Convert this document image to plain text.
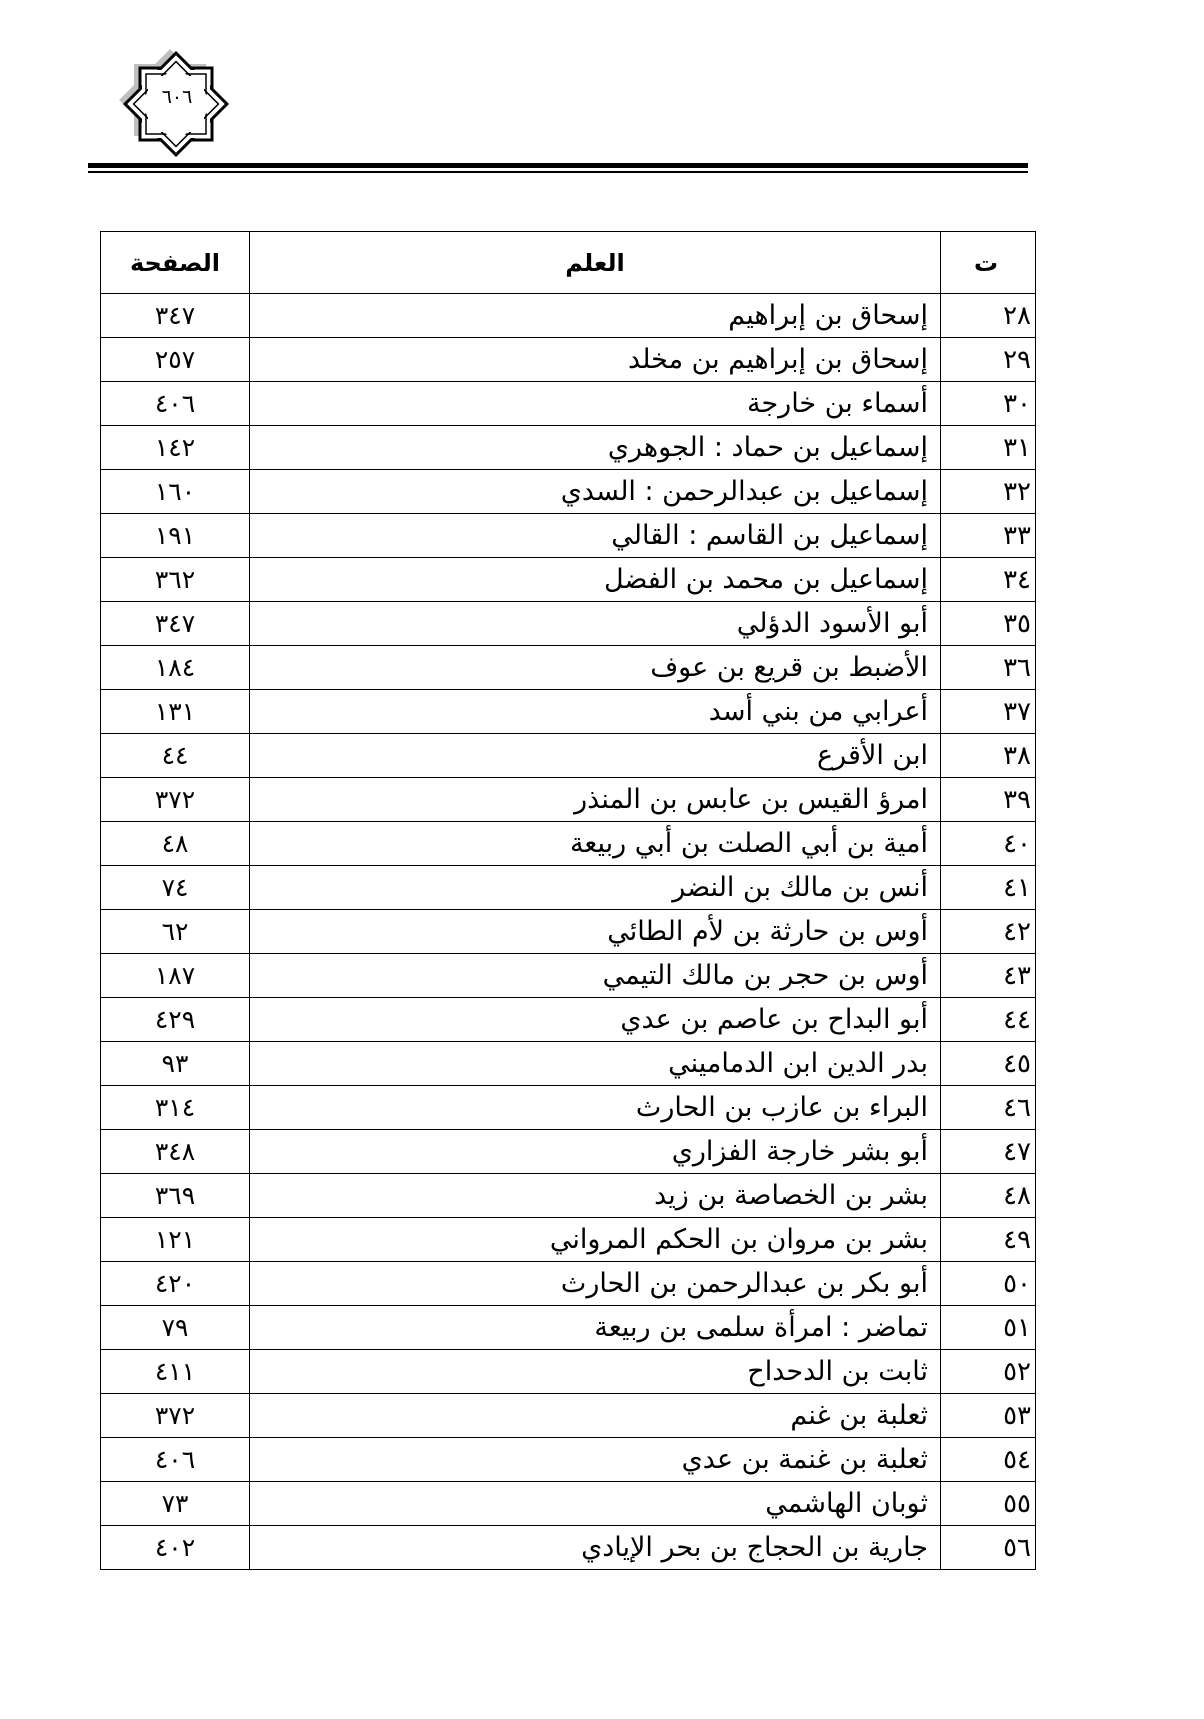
٦٠٦
الصفحة	العلم	ت
٣٤٧	إسحاق بن إبراهيم	٢٨
٢٥٧	إسحاق بن إبراهيم بن مخلد	٢٩
٤٠٦	أسماء بن خارجة	٣٠
١٤٢	إسماعيل بن حماد : الجوهري	٣١
١٦٠	إسماعيل بن عبدالرحمن : السدي	٣٢
١٩١	إسماعيل بن القاسم : القالي	٣٣
٣٦٢	إسماعيل بن محمد بن الفضل	٣٤
٣٤٧	أبو الأسود الدؤلي	٣٥
١٨٤	الأضبط بن قريع بن عوف	٣٦
١٣١	أعرابي من بني أسد	٣٧
٤٤	ابن الأقرع	٣٨
٣٧٢	امرؤ القيس بن عابس بن المنذر	٣٩
٤٨	أمية بن أبي الصلت بن أبي ربيعة	٤٠
٧٤	أنس بن مالك بن النضر	٤١
٦٢	أوس بن حارثة بن لأم الطائي	٤٢
١٨٧	أوس بن حجر بن مالك التيمي	٤٣
٤٢٩	أبو البداح بن عاصم بن عدي	٤٤
٩٣	بدر الدين ابن الدماميني	٤٥
٣١٤	البراء بن عازب بن الحارث	٤٦
٣٤٨	أبو بشر خارجة الفزاري	٤٧
٣٦٩	بشر بن الخصاصة بن زيد	٤٨
١٢١	بشر بن مروان بن الحكم المرواني	٤٩
٤٢٠	أبو بكر بن عبدالرحمن بن الحارث	٥٠
٧٩	تماضر : امرأة سلمى بن ربيعة	٥١
٤١١	ثابت بن الدحداح	٥٢
٣٧٢	ثعلبة بن غنم	٥٣
٤٠٦	ثعلبة بن غنمة بن عدي	٥٤
٧٣	ثوبان الهاشمي	٥٥
٤٠٢	جارية بن الحجاج بن بحر الإيادي	٥٦
